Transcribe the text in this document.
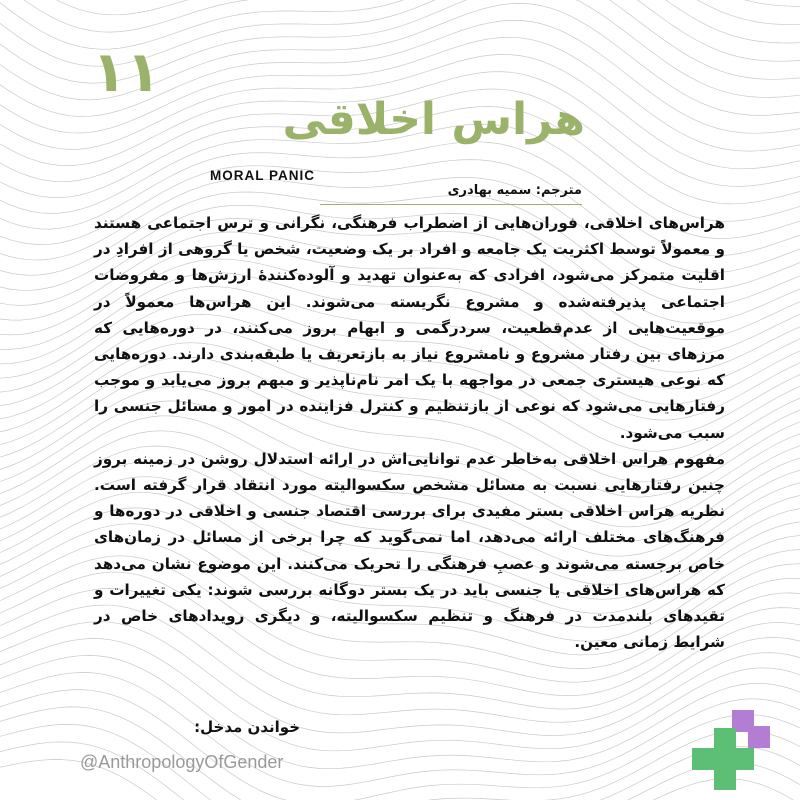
۱۱
هراس اخلاقی
MORAL PANIC
مترجم: سمیه بهادری

هراس‌های اخلاقی، فوران‌هایی از اضطراب فرهنگی، نگرانی و ترس اجتماعی هستند و معمولاً توسط اکثریت یک جامعه و افراد بر یک وضعیت، شخص یا گروهی از افرادِ در اقلیت متمرکز می‌شود، افرادی که به‌عنوان تهدید و آلوده‌کنندهٔ ارزش‌ها و مفروضات اجتماعی پذیرفته‌شده و مشروع نگریسته می‌شوند. این هراس‌ها معمولاً در موقعیت‌هایی از عدم‌قطعیت، سردرگمی و ابهام بروز می‌کنند، در دوره‌هایی که مرزهای بین رفتار مشروع و نامشروع نیاز به بازتعریف یا طبقه‌بندی دارند. دوره‌هایی که نوعی هیستری جمعی در مواجهه با یک امر نام‌ناپذیر و مبهم بروز می‌یابد و موجب رفتارهایی می‌شود که نوعی از بازتنظیم و کنترل فزاینده در امور و مسائل جنسی را سبب می‌شود.

مفهوم هراس اخلاقی به‌خاطر عدم توانایی‌اش در ارائه استدلال روشن در زمینه بروز چنین رفتارهایی نسبت به مسائل مشخص سکسوالیته مورد انتقاد قرار گرفته است. نظریه هراس اخلاقی بستر مفیدی برای بررسی اقتصاد جنسی و اخلاقی در دوره‌ها و فرهنگ‌های مختلف ارائه می‌دهد، اما نمی‌گوید که چرا برخی از مسائل در زمان‌های خاص برجسته می‌شوند و عصبِ فرهنگی را تحریک می‌کنند. این موضوع نشان می‌دهد که هراس‌های اخلاقی یا جنسی باید در یک بستر دوگانه بررسی شوند: یکی تغییرات و تقیدهای بلندمدت در فرهنگ و تنظیم سکسوالیته، و دیگری رویدادهای خاص در شرایط زمانی معین.

خواندن مدخل:
@AnthropologyOfGender
